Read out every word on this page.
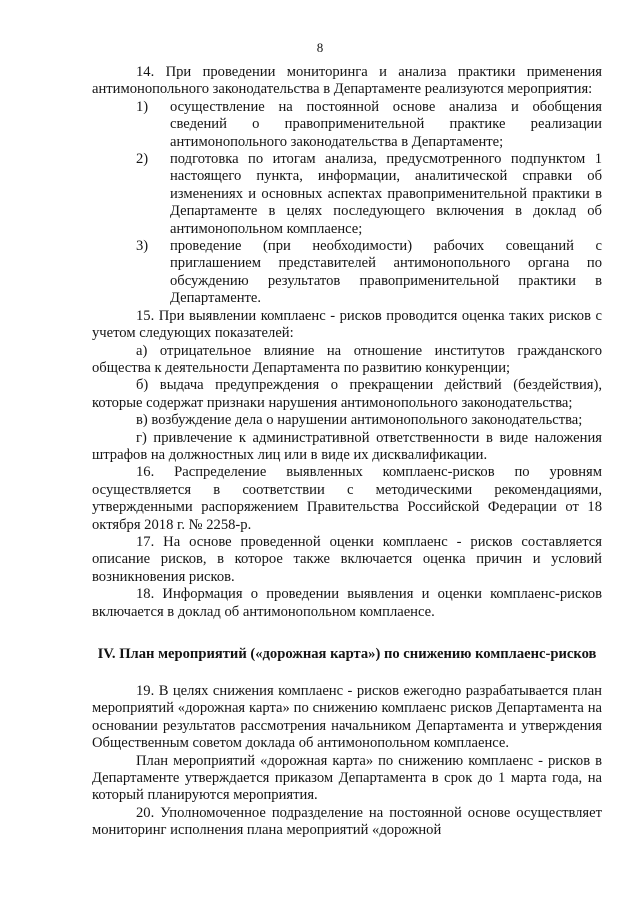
8

14. При проведении мониторинга и анализа практики применения антимонопольного законодательства в Департаменте реализуются мероприятия:

1)	осуществление на постоянной основе анализа и обобщения сведений о правоприменительной практике реализации антимонопольного законодательства в Департаменте;
2)	подготовка по итогам анализа, предусмотренного подпунктом 1 настоящего пункта, информации, аналитической справки об изменениях и основных аспектах правоприменительной практики в Департаменте в целях последующего включения в доклад об антимонопольном комплаенсе;
3)	проведение (при необходимости) рабочих совещаний с приглашением представителей антимонопольного органа по обсуждению результатов правоприменительной практики в Департаменте.

15. При выявлении комплаенс - рисков проводится оценка таких рисков с учетом следующих показателей:

а) отрицательное влияние на отношение институтов гражданского общества к деятельности Департамента по развитию конкуренции;

б) выдача предупреждения о прекращении действий (бездействия), которые содержат признаки нарушения антимонопольного законодательства;

в) возбуждение дела о нарушении антимонопольного законодательства;

г) привлечение к административной ответственности в виде наложения штрафов на должностных лиц или в виде их дисквалификации.

16. Распределение выявленных комплаенс-рисков по уровням осуществляется в соответствии с методическими рекомендациями, утвержденными распоряжением Правительства Российской Федерации от 18 октября 2018 г. № 2258-р.

17. На основе проведенной оценки комплаенс - рисков составляется описание рисков, в которое также включается оценка причин и условий возникновения рисков.

18. Информация о проведении выявления и оценки комплаенс-рисков включается в доклад об антимонопольном комплаенсе.

IV. План мероприятий («дорожная карта») по снижению комплаенс-рисков

19. В целях снижения комплаенс - рисков ежегодно разрабатывается план мероприятий «дорожная карта» по снижению комплаенс рисков Департамента на основании результатов рассмотрения начальником Департамента и утверждения Общественным советом доклада об антимонопольном комплаенсе.

План мероприятий «дорожная карта» по снижению комплаенс - рисков в Департаменте утверждается приказом Департамента в срок до 1 марта года, на который планируются мероприятия.

20. Уполномоченное подразделение на постоянной основе осуществляет мониторинг исполнения плана мероприятий «дорожной
